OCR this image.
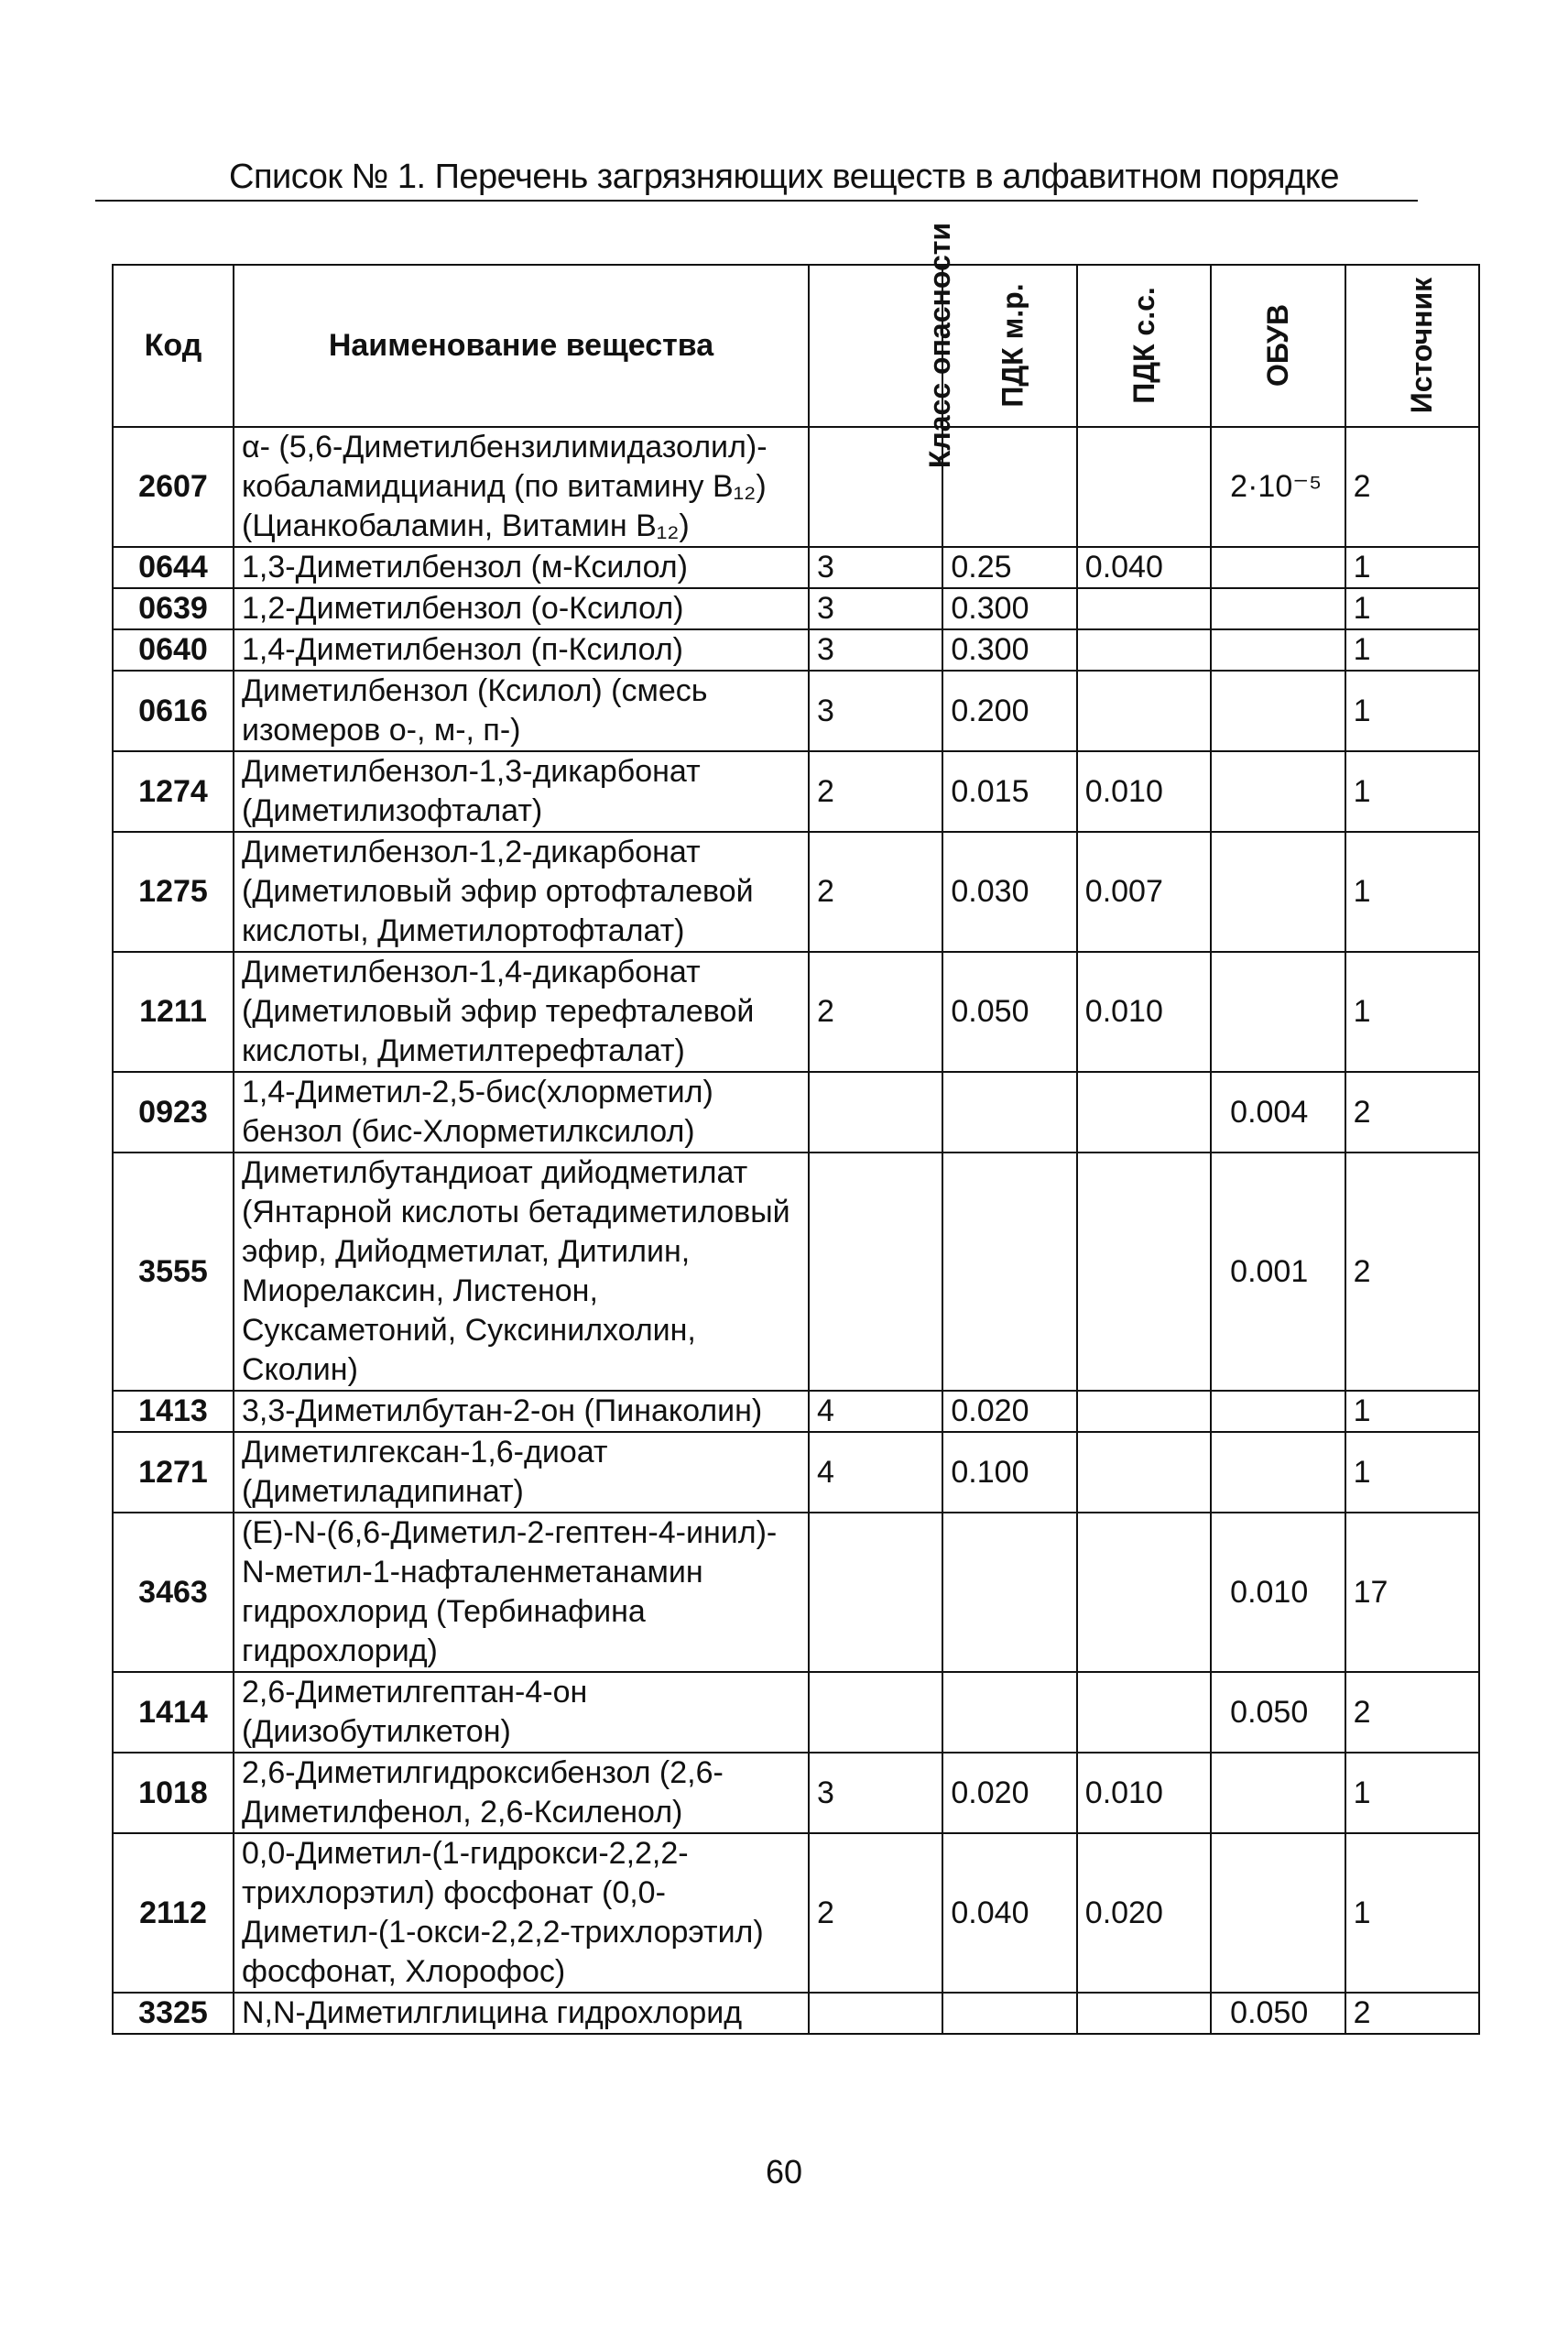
Список № 1. Перечень загрязняющих веществ в алфавитном порядке
Код	Наименование вещества	Класс опасности	ПДК м.р.	ПДК с.с.	ОБУВ	Источник
2607	α- (5,6-Диметилбензилимидазолил)-кобаламидцианид (по витамину B₁₂) (Цианкобаламин, Витамин B₁₂)				2·10⁻⁵	2
0644	1,3-Диметилбензол (м-Ксилол)	3	0.25	0.040		1
0639	1,2-Диметилбензол (о-Ксилол)	3	0.300			1
0640	1,4-Диметилбензол (п-Ксилол)	3	0.300			1
0616	Диметилбензол (Ксилол) (смесь изомеров о-, м-, п-)	3	0.200			1
1274	Диметилбензол-1,3-дикарбонат (Диметилизофталат)	2	0.015	0.010		1
1275	Диметилбензол-1,2-дикарбонат (Диметиловый эфир ортофталевой кислоты, Диметилортофталат)	2	0.030	0.007		1
1211	Диметилбензол-1,4-дикарбонат (Диметиловый эфир терефталевой кислоты, Диметилтерефталат)	2	0.050	0.010		1
0923	1,4-Диметил-2,5-бис(хлорметил) бензол (бис-Хлорметилксилол)				0.004	2
3555	Диметилбутандиоат дийодметилат (Янтарной кислоты бетадиметиловый эфир, Дийодметилат, Дитилин, Миорелаксин, Листенон, Суксаметоний, Суксинилхолин, Сколин)				0.001	2
1413	3,3-Диметилбутан-2-он (Пинаколин)	4	0.020			1
1271	Диметилгексан-1,6-диоат (Диметиладипинат)	4	0.100			1
3463	(E)-N-(6,6-Диметил-2-гептен-4-инил)-N-метил-1-нафталенметанамин гидрохлорид (Тербинафина гидрохлорид)				0.010	17
1414	2,6-Диметилгептан-4-он (Диизобутилкетон)				0.050	2
1018	2,6-Диметилгидроксибензол (2,6-Диметилфенол, 2,6-Ксиленол)	3	0.020	0.010		1
2112	0,0-Диметил-(1-гидрокси-2,2,2-трихлорэтил) фосфонат (0,0-Диметил-(1-окси-2,2,2-трихлорэтил) фосфонат, Хлорофос)	2	0.040	0.020		1
3325	N,N-Диметилглицина гидрохлорид				0.050	2
60
